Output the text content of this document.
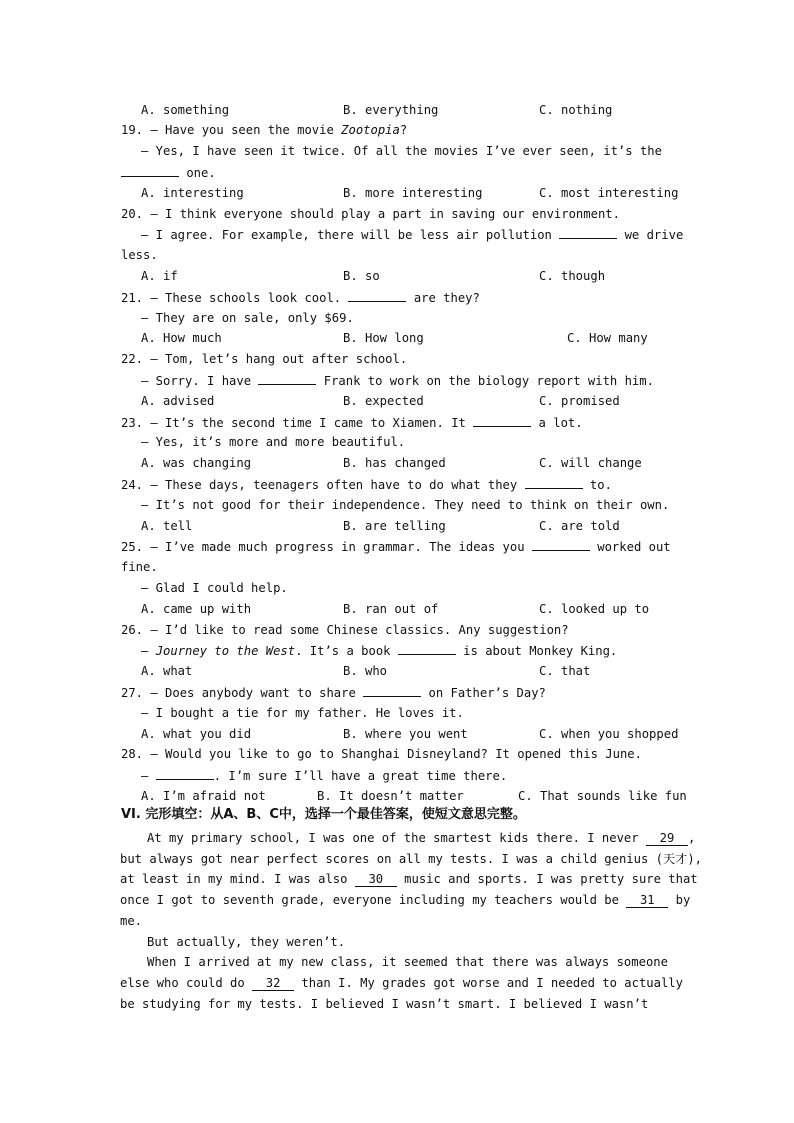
A. something	B. everything	C. nothing
19. — Have you seen the movie Zootopia?
— Yes, I have seen it twice. Of all the movies I’ve ever seen, it’s the
one.
A. interesting	B. more interesting	C. most interesting
20. — I think everyone should play a part in saving our environment.
— I agree. For example, there will be less air pollution	we drive
less.
A. if	B. so	C. though
21. — These schools look cool.	are they?
— They are on sale, only $69.
A. How much	B. How long	C. How many
22. — Tom, let’s hang out after school.
— Sorry. I have	Frank to work on the biology report with him.
A. advised	B. expected	C. promised
23. — It’s the second time I came to Xiamen. It	a lot.
— Yes, it’s more and more beautiful.
A. was changing	B. has changed	C. will change
24. — These days, teenagers often have to do what they	to.
— It’s not good for their independence. They need to think on their own.
A. tell	B. are telling	C. are told
25. — I’ve made much progress in grammar. The ideas you	worked out
fine.
— Glad I could help.
A. came up with	B. ran out of	C. looked up to
26. — I’d like to read some Chinese classics. Any suggestion?
— Journey to the West. It’s a book	is about Monkey King.
A. what	B. who	C. that
27. — Does anybody want to share	on Father’s Day?
— I bought a tie for my father. He loves it.
A. what you did	B. where you went	C. when you shopped
28. — Would you like to go to Shanghai Disneyland? It opened this June.
—	. I’m sure I’ll have a great time there.
A. I’m afraid not	B. It doesn’t matter	C. That sounds like fun
VI. 完形填空：从A、B、C中，选择一个最佳答案，使短文意思完整。
At my primary school, I was one of the smartest kids there. I never 29 ,
but always got near perfect scores on all my tests. I was a child genius (天才),
at least in my mind. I was also 30 music and sports. I was pretty sure that
once I got to seventh grade, everyone including my teachers would be 31 by
me.
But actually, they weren’t.
When I arrived at my new class, it seemed that there was always someone
else who could do 32 than I. My grades got worse and I needed to actually
be studying for my tests. I believed I wasn’t smart. I believed I wasn’t
